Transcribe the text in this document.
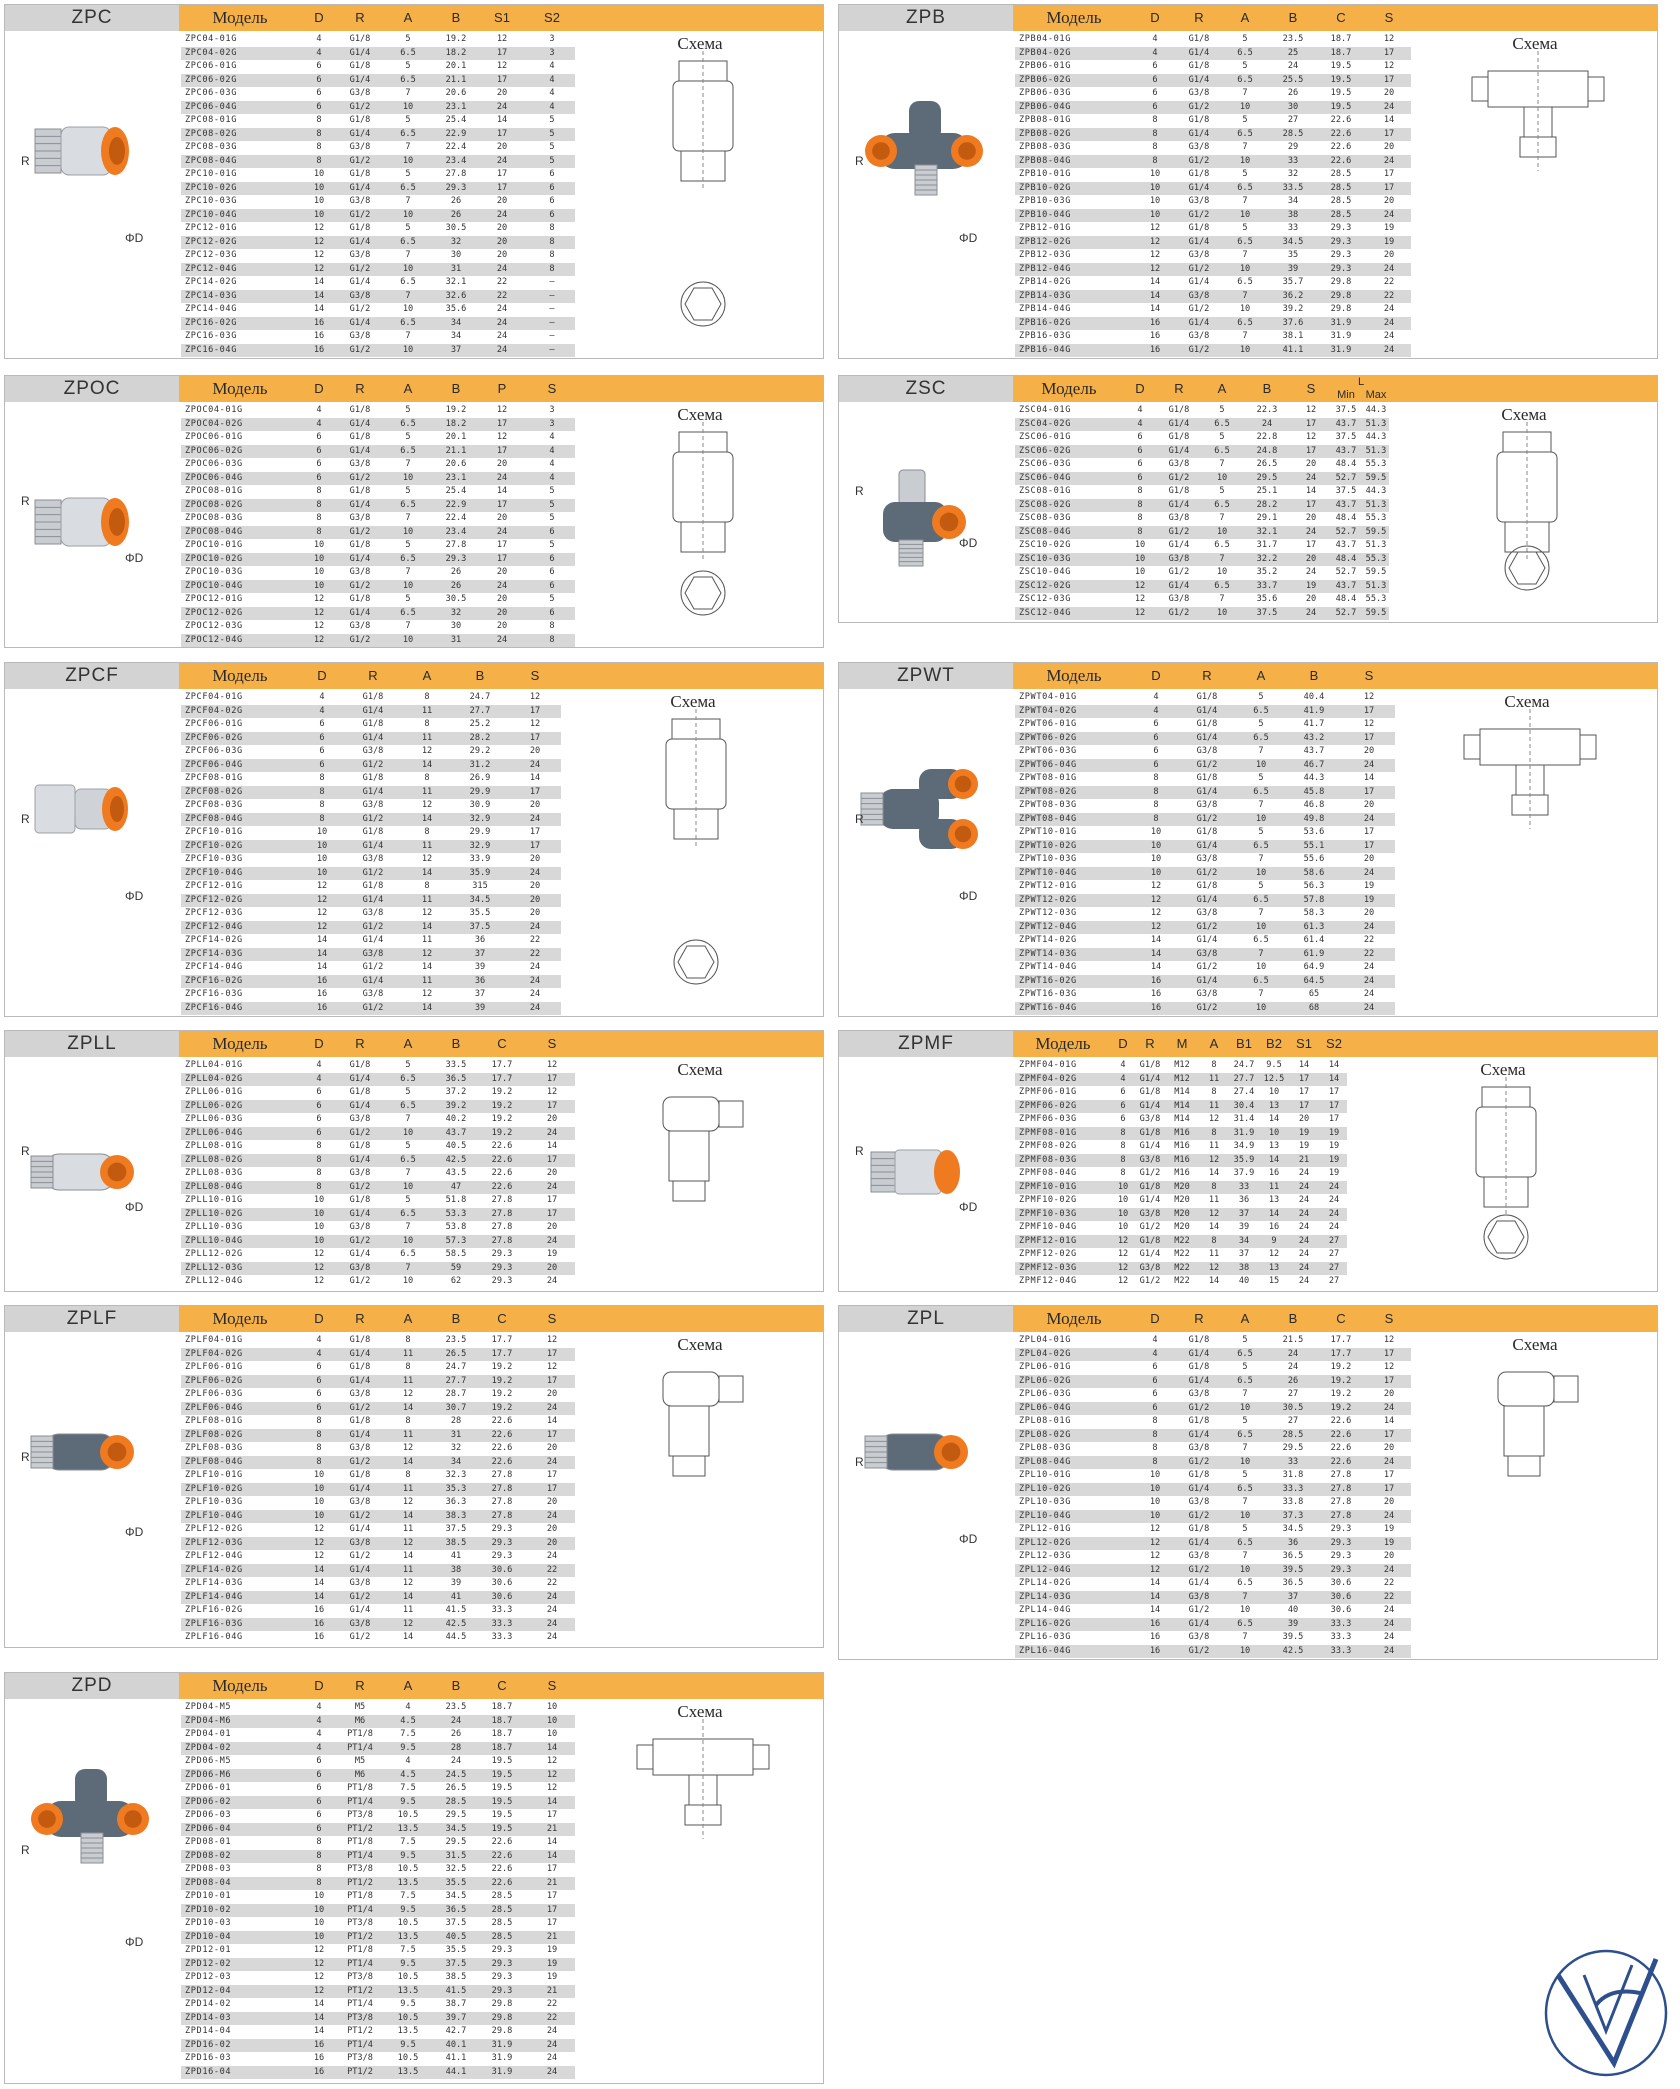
ZPC	Модель	D	R	A	B	S1	S2
Схема
R
ΦD
ZPC04-01G	4	G1/8	5	19.2	12	3
ZPC04-02G	4	G1/4	6.5	18.2	17	3
ZPC06-01G	6	G1/8	5	20.1	12	4
ZPC06-02G	6	G1/4	6.5	21.1	17	4
ZPC06-03G	6	G3/8	7	20.6	20	4
ZPC06-04G	6	G1/2	10	23.1	24	4
ZPC08-01G	8	G1/8	5	25.4	14	5
ZPC08-02G	8	G1/4	6.5	22.9	17	5
ZPC08-03G	8	G3/8	7	22.4	20	5
ZPC08-04G	8	G1/2	10	23.4	24	5
ZPC10-01G	10	G1/8	5	27.8	17	6
ZPC10-02G	10	G1/4	6.5	29.3	17	6
ZPC10-03G	10	G3/8	7	26	20	6
ZPC10-04G	10	G1/2	10	26	24	6
ZPC12-01G	12	G1/8	5	30.5	20	8
ZPC12-02G	12	G1/4	6.5	32	20	8
ZPC12-03G	12	G3/8	7	30	20	8
ZPC12-04G	12	G1/2	10	31	24	8
ZPC14-02G	14	G1/4	6.5	32.1	22	—
ZPC14-03G	14	G3/8	7	32.6	22	—
ZPC14-04G	14	G1/2	10	35.6	24	—
ZPC16-02G	16	G1/4	6.5	34	24	—
ZPC16-03G	16	G3/8	7	34	24	—
ZPC16-04G	16	G1/2	10	37	24	—
ZPB	Модель	D	R	A	B	C	S
Схема
R
ΦD
ZPB04-01G	4	G1/8	5	23.5	18.7	12
ZPB04-02G	4	G1/4	6.5	25	18.7	17
ZPB06-01G	6	G1/8	5	24	19.5	12
ZPB06-02G	6	G1/4	6.5	25.5	19.5	17
ZPB06-03G	6	G3/8	7	26	19.5	20
ZPB06-04G	6	G1/2	10	30	19.5	24
ZPB08-01G	8	G1/8	5	27	22.6	14
ZPB08-02G	8	G1/4	6.5	28.5	22.6	17
ZPB08-03G	8	G3/8	7	29	22.6	20
ZPB08-04G	8	G1/2	10	33	22.6	24
ZPB10-01G	10	G1/8	5	32	28.5	17
ZPB10-02G	10	G1/4	6.5	33.5	28.5	17
ZPB10-03G	10	G3/8	7	34	28.5	20
ZPB10-04G	10	G1/2	10	38	28.5	24
ZPB12-01G	12	G1/8	5	33	29.3	19
ZPB12-02G	12	G1/4	6.5	34.5	29.3	19
ZPB12-03G	12	G3/8	7	35	29.3	20
ZPB12-04G	12	G1/2	10	39	29.3	24
ZPB14-02G	14	G1/4	6.5	35.7	29.8	22
ZPB14-03G	14	G3/8	7	36.2	29.8	22
ZPB14-04G	14	G1/2	10	39.2	29.8	24
ZPB16-02G	16	G1/4	6.5	37.6	31.9	24
ZPB16-03G	16	G3/8	7	38.1	31.9	24
ZPB16-04G	16	G1/2	10	41.1	31.9	24
ZPOC	Модель	D	R	A	B	P	S
Схема
R
ΦD
ZPOC04-01G	4	G1/8	5	19.2	12	3
ZPOC04-02G	4	G1/4	6.5	18.2	17	3
ZPOC06-01G	6	G1/8	5	20.1	12	4
ZPOC06-02G	6	G1/4	6.5	21.1	17	4
ZPOC06-03G	6	G3/8	7	20.6	20	4
ZPOC06-04G	6	G1/2	10	23.1	24	4
ZPOC08-01G	8	G1/8	5	25.4	14	5
ZPOC08-02G	8	G1/4	6.5	22.9	17	5
ZPOC08-03G	8	G3/8	7	22.4	20	5
ZPOC08-04G	8	G1/2	10	23.4	24	6
ZPOC10-01G	10	G1/8	5	27.8	17	5
ZPOC10-02G	10	G1/4	6.5	29.3	17	6
ZPOC10-03G	10	G3/8	7	26	20	6
ZPOC10-04G	10	G1/2	10	26	24	6
ZPOC12-01G	12	G1/8	5	30.5	20	5
ZPOC12-02G	12	G1/4	6.5	32	20	6
ZPOC12-03G	12	G3/8	7	30	20	8
ZPOC12-04G	12	G1/2	10	31	24	8
ZSC	Модель	D	R	A	B	S	L
Min Max
Схема
R
ΦD
ZSC04-01G	4	G1/8	5	22.3	12	37.5	44.3
ZSC04-02G	4	G1/4	6.5	24	17	43.7	51.3
ZSC06-01G	6	G1/8	5	22.8	12	37.5	44.3
ZSC06-02G	6	G1/4	6.5	24.8	17	43.7	51.3
ZSC06-03G	6	G3/8	7	26.5	20	48.4	55.3
ZSC06-04G	6	G1/2	10	29.5	24	52.7	59.5
ZSC08-01G	8	G1/8	5	25.1	14	37.5	44.3
ZSC08-02G	8	G1/4	6.5	28.2	17	43.7	51.3
ZSC08-03G	8	G3/8	7	29.1	20	48.4	55.3
ZSC08-04G	8	G1/2	10	32.1	24	52.7	59.5
ZSC10-02G	10	G1/4	6.5	31.7	17	43.7	51.3
ZSC10-03G	10	G3/8	7	32.2	20	48.4	55.3
ZSC10-04G	10	G1/2	10	35.2	24	52.7	59.5
ZSC12-02G	12	G1/4	6.5	33.7	19	43.7	51.3
ZSC12-03G	12	G3/8	7	35.6	20	48.4	55.3
ZSC12-04G	12	G1/2	10	37.5	24	52.7	59.5
ZPCF	Модель	D	R	A	B	S
Схема
R
ΦD
ZPCF04-01G	4	G1/8	8	24.7	12
ZPCF04-02G	4	G1/4	11	27.7	17
ZPCF06-01G	6	G1/8	8	25.2	12
ZPCF06-02G	6	G1/4	11	28.2	17
ZPCF06-03G	6	G3/8	12	29.2	20
ZPCF06-04G	6	G1/2	14	31.2	24
ZPCF08-01G	8	G1/8	8	26.9	14
ZPCF08-02G	8	G1/4	11	29.9	17
ZPCF08-03G	8	G3/8	12	30.9	20
ZPCF08-04G	8	G1/2	14	32.9	24
ZPCF10-01G	10	G1/8	8	29.9	17
ZPCF10-02G	10	G1/4	11	32.9	17
ZPCF10-03G	10	G3/8	12	33.9	20
ZPCF10-04G	10	G1/2	14	35.9	24
ZPCF12-01G	12	G1/8	8	315	20
ZPCF12-02G	12	G1/4	11	34.5	20
ZPCF12-03G	12	G3/8	12	35.5	20
ZPCF12-04G	12	G1/2	14	37.5	24
ZPCF14-02G	14	G1/4	11	36	22
ZPCF14-03G	14	G3/8	12	37	22
ZPCF14-04G	14	G1/2	14	39	24
ZPCF16-02G	16	G1/4	11	36	24
ZPCF16-03G	16	G3/8	12	37	24
ZPCF16-04G	16	G1/2	14	39	24
ZPWT	Модель	D	R	A	B	S
Схема
R
ΦD
ZPWT04-01G	4	G1/8	5	40.4	12
ZPWT04-02G	4	G1/4	6.5	41.9	17
ZPWT06-01G	6	G1/8	5	41.7	12
ZPWT06-02G	6	G1/4	6.5	43.2	17
ZPWT06-03G	6	G3/8	7	43.7	20
ZPWT06-04G	6	G1/2	10	46.7	24
ZPWT08-01G	8	G1/8	5	44.3	14
ZPWT08-02G	8	G1/4	6.5	45.8	17
ZPWT08-03G	8	G3/8	7	46.8	20
ZPWT08-04G	8	G1/2	10	49.8	24
ZPWT10-01G	10	G1/8	5	53.6	17
ZPWT10-02G	10	G1/4	6.5	55.1	17
ZPWT10-03G	10	G3/8	7	55.6	20
ZPWT10-04G	10	G1/2	10	58.6	24
ZPWT12-01G	12	G1/8	5	56.3	19
ZPWT12-02G	12	G1/4	6.5	57.8	19
ZPWT12-03G	12	G3/8	7	58.3	20
ZPWT12-04G	12	G1/2	10	61.3	24
ZPWT14-02G	14	G1/4	6.5	61.4	22
ZPWT14-03G	14	G3/8	7	61.9	22
ZPWT14-04G	14	G1/2	10	64.9	24
ZPWT16-02G	16	G1/4	6.5	64.5	24
ZPWT16-03G	16	G3/8	7	65	24
ZPWT16-04G	16	G1/2	10	68	24
ZPLL	Модель	D	R	A	B	C	S
Схема
R
ΦD
ZPLL04-01G	4	G1/8	5	33.5	17.7	12
ZPLL04-02G	4	G1/4	6.5	36.5	17.7	17
ZPLL06-01G	6	G1/8	5	37.2	19.2	12
ZPLL06-02G	6	G1/4	6.5	39.2	19.2	17
ZPLL06-03G	6	G3/8	7	40.2	19.2	20
ZPLL06-04G	6	G1/2	10	43.7	19.2	24
ZPLL08-01G	8	G1/8	5	40.5	22.6	14
ZPLL08-02G	8	G1/4	6.5	42.5	22.6	17
ZPLL08-03G	8	G3/8	7	43.5	22.6	20
ZPLL08-04G	8	G1/2	10	47	22.6	24
ZPLL10-01G	10	G1/8	5	51.8	27.8	17
ZPLL10-02G	10	G1/4	6.5	53.3	27.8	17
ZPLL10-03G	10	G3/8	7	53.8	27.8	20
ZPLL10-04G	10	G1/2	10	57.3	27.8	24
ZPLL12-02G	12	G1/4	6.5	58.5	29.3	19
ZPLL12-03G	12	G3/8	7	59	29.3	20
ZPLL12-04G	12	G1/2	10	62	29.3	24
ZPMF	Модель	D	R	M	A	B1	B2	S1	S2
Схема
R
ΦD
ZPMF04-01G	4	G1/8	M12	8	24.7	9.5	14	14
ZPMF04-02G	4	G1/4	M12	11	27.7	12.5	17	14
ZPMF06-01G	6	G1/8	M14	8	27.4	10	17	17
ZPMF06-02G	6	G1/4	M14	11	30.4	13	17	17
ZPMF06-03G	6	G3/8	M14	12	31.4	14	20	17
ZPMF08-01G	8	G1/8	M16	8	31.9	10	19	19
ZPMF08-02G	8	G1/4	M16	11	34.9	13	19	19
ZPMF08-03G	8	G3/8	M16	12	35.9	14	21	19
ZPMF08-04G	8	G1/2	M16	14	37.9	16	24	19
ZPMF10-01G	10	G1/8	M20	8	33	11	24	24
ZPMF10-02G	10	G1/4	M20	11	36	13	24	24
ZPMF10-03G	10	G3/8	M20	12	37	14	24	24
ZPMF10-04G	10	G1/2	M20	14	39	16	24	24
ZPMF12-01G	12	G1/8	M22	8	34	9	24	27
ZPMF12-02G	12	G1/4	M22	11	37	12	24	27
ZPMF12-03G	12	G3/8	M22	12	38	13	24	27
ZPMF12-04G	12	G1/2	M22	14	40	15	24	27
ZPLF	Модель	D	R	A	B	C	S
Схема
R
ΦD
ZPLF04-01G	4	G1/8	8	23.5	17.7	12
ZPLF04-02G	4	G1/4	11	26.5	17.7	17
ZPLF06-01G	6	G1/8	8	24.7	19.2	12
ZPLF06-02G	6	G1/4	11	27.7	19.2	17
ZPLF06-03G	6	G3/8	12	28.7	19.2	20
ZPLF06-04G	6	G1/2	14	30.7	19.2	24
ZPLF08-01G	8	G1/8	8	28	22.6	14
ZPLF08-02G	8	G1/4	11	31	22.6	17
ZPLF08-03G	8	G3/8	12	32	22.6	20
ZPLF08-04G	8	G1/2	14	34	22.6	24
ZPLF10-01G	10	G1/8	8	32.3	27.8	17
ZPLF10-02G	10	G1/4	11	35.3	27.8	17
ZPLF10-03G	10	G3/8	12	36.3	27.8	20
ZPLF10-04G	10	G1/2	14	38.3	27.8	24
ZPLF12-02G	12	G1/4	11	37.5	29.3	20
ZPLF12-03G	12	G3/8	12	38.5	29.3	20
ZPLF12-04G	12	G1/2	14	41	29.3	24
ZPLF14-02G	14	G1/4	11	38	30.6	22
ZPLF14-03G	14	G3/8	12	39	30.6	22
ZPLF14-04G	14	G1/2	14	41	30.6	24
ZPLF16-02G	16	G1/4	11	41.5	33.3	24
ZPLF16-03G	16	G3/8	12	42.5	33.3	24
ZPLF16-04G	16	G1/2	14	44.5	33.3	24
ZPL	Модель	D	R	A	B	C	S
Схема
R
ΦD
ZPL04-01G	4	G1/8	5	21.5	17.7	12
ZPL04-02G	4	G1/4	6.5	24	17.7	17
ZPL06-01G	6	G1/8	5	24	19.2	12
ZPL06-02G	6	G1/4	6.5	26	19.2	17
ZPL06-03G	6	G3/8	7	27	19.2	20
ZPL06-04G	6	G1/2	10	30.5	19.2	24
ZPL08-01G	8	G1/8	5	27	22.6	14
ZPL08-02G	8	G1/4	6.5	28.5	22.6	17
ZPL08-03G	8	G3/8	7	29.5	22.6	20
ZPL08-04G	8	G1/2	10	33	22.6	24
ZPL10-01G	10	G1/8	5	31.8	27.8	17
ZPL10-02G	10	G1/4	6.5	33.3	27.8	17
ZPL10-03G	10	G3/8	7	33.8	27.8	20
ZPL10-04G	10	G1/2	10	37.3	27.8	24
ZPL12-01G	12	G1/8	5	34.5	29.3	19
ZPL12-02G	12	G1/4	6.5	36	29.3	19
ZPL12-03G	12	G3/8	7	36.5	29.3	20
ZPL12-04G	12	G1/2	10	39.5	29.3	24
ZPL14-02G	14	G1/4	6.5	36.5	30.6	22
ZPL14-03G	14	G3/8	7	37	30.6	22
ZPL14-04G	14	G1/2	10	40	30.6	24
ZPL16-02G	16	G1/4	6.5	39	33.3	24
ZPL16-03G	16	G3/8	7	39.5	33.3	24
ZPL16-04G	16	G1/2	10	42.5	33.3	24
ZPD	Модель	D	R	A	B	C	S
Схема
R
ΦD
ZPD04-M5	4	M5	4	23.5	18.7	10
ZPD04-M6	4	M6	4.5	24	18.7	10
ZPD04-01	4	PT1/8	7.5	26	18.7	10
ZPD04-02	4	PT1/4	9.5	28	18.7	14
ZPD06-M5	6	M5	4	24	19.5	12
ZPD06-M6	6	M6	4.5	24.5	19.5	12
ZPD06-01	6	PT1/8	7.5	26.5	19.5	12
ZPD06-02	6	PT1/4	9.5	28.5	19.5	14
ZPD06-03	6	PT3/8	10.5	29.5	19.5	17
ZPD06-04	6	PT1/2	13.5	34.5	19.5	21
ZPD08-01	8	PT1/8	7.5	29.5	22.6	14
ZPD08-02	8	PT1/4	9.5	31.5	22.6	14
ZPD08-03	8	PT3/8	10.5	32.5	22.6	17
ZPD08-04	8	PT1/2	13.5	35.5	22.6	21
ZPD10-01	10	PT1/8	7.5	34.5	28.5	17
ZPD10-02	10	PT1/4	9.5	36.5	28.5	17
ZPD10-03	10	PT3/8	10.5	37.5	28.5	17
ZPD10-04	10	PT1/2	13.5	40.5	28.5	21
ZPD12-01	12	PT1/8	7.5	35.5	29.3	19
ZPD12-02	12	PT1/4	9.5	37.5	29.3	19
ZPD12-03	12	PT3/8	10.5	38.5	29.3	19
ZPD12-04	12	PT1/2	13.5	41.5	29.3	21
ZPD14-02	14	PT1/4	9.5	38.7	29.8	22
ZPD14-03	14	PT3/8	10.5	39.7	29.8	22
ZPD14-04	14	PT1/2	13.5	42.7	29.8	24
ZPD16-02	16	PT1/4	9.5	40.1	31.9	24
ZPD16-03	16	PT3/8	10.5	41.1	31.9	24
ZPD16-04	16	PT1/2	13.5	44.1	31.9	24
